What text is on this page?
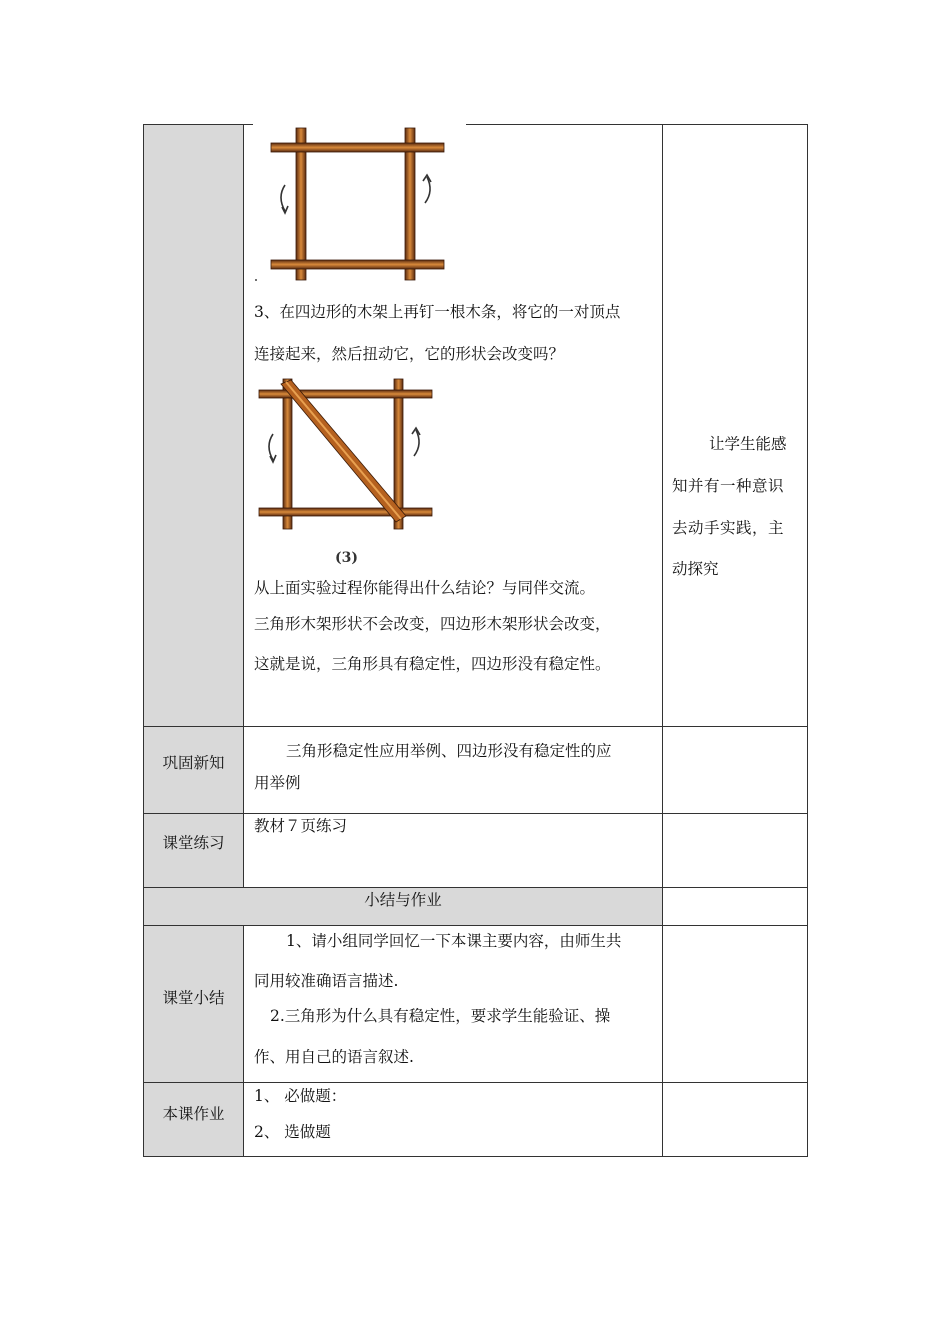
3、在四边形的木架上再钉一根木条，将它的一对顶点
连接起来，然后扭动它，它的形状会改变吗？
(3)
从上面实验过程你能得出什么结论？与同伴交流。
三角形木架形状不会改变，四边形木架形状会改变，
这就是说，三角形具有稳定性，四边形没有稳定性。
让学生能感
知并有一种意识
去动手实践，主
动探究
巩固新知
三角形稳定性应用举例、四边形没有稳定性的应
用举例
课堂练习
教材７页练习
小结与作业
课堂小结
1、请小组同学回忆一下本课主要内容，由师生共
同用较准确语言描述.
2.三角形为什么具有稳定性，要求学生能验证、操
作、用自己的语言叙述.
本课作业
1、 必做题：
2、 选做题
